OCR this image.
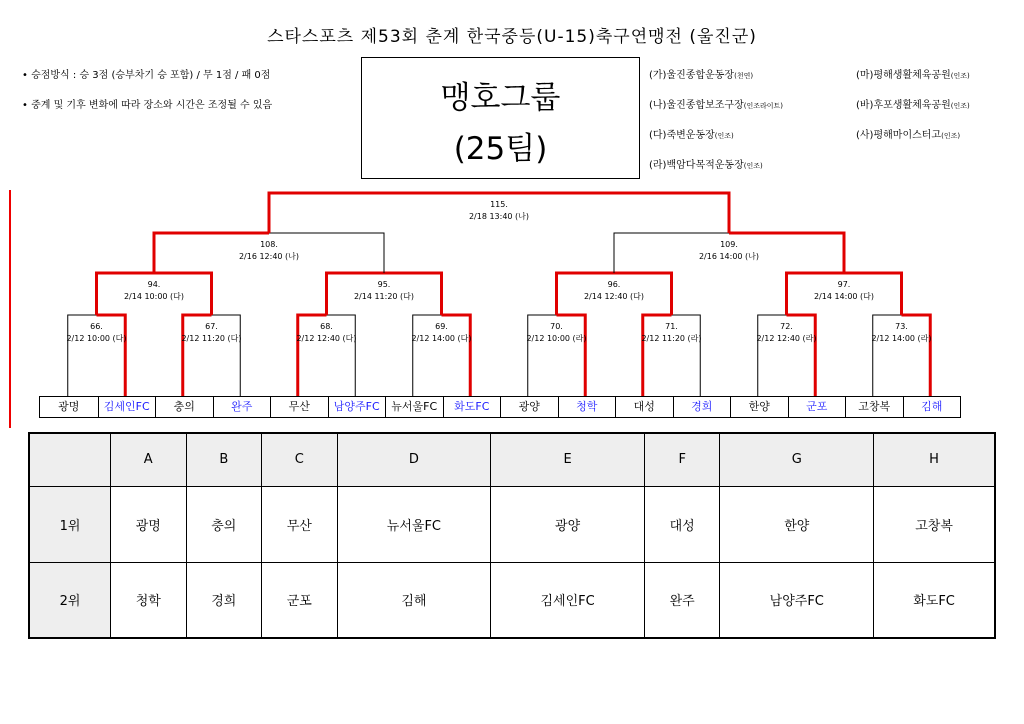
스타스포츠 제53회 춘계 한국중등(U-15)축구연맹전 (울진군)
• 승점방식 : 승 3점 (승부차기 승 포함) / 무 1점 / 패 0점
• 중계 및 기후 변화에 따라 장소와 시간은 조정될 수 있음	맹호그룹
(25팀)
(가)울진종합운동장(천연)
(나)울진종합보조구장(인조라이트)
(다)죽변운동장(인조)
(라)백암다목적운동장(인조)
(마)평해생활체육공원(인조)
(바)후포생활체육공원(인조)
(사)평해마이스터고(인조)
66.
2/12 10:00 (다)
67.
2/12 11:20 (다)
68.
2/12 12:40 (다)
69.
2/12 14:00 (다)
70.
2/12 10:00 (라)
71.
2/12 11:20 (라)
72.
2/12 12:40 (라)
73.
2/12 14:00 (라)
94.
2/14 10:00 (다)
95.
2/14 11:20 (다)
96.
2/14 12:40 (다)
97.
2/14 14:00 (다)
108.
2/16 12:40 (나)
109.
2/16 14:00 (나)
115.
2/18 13:40 (나)
광명	김세인FC	충의	완주	무산	남양주FC	뉴서울FC	화도FC	광양	청학	대성	경희	한양	군포	고창복	김해
	A	B	C	D	E	F	G	H
1위	광명	충의	무산	뉴서울FC	광양	대성	한양	고창복
2위	청학	경희	군포	김해	김세인FC	완주	남양주FC	화도FC
